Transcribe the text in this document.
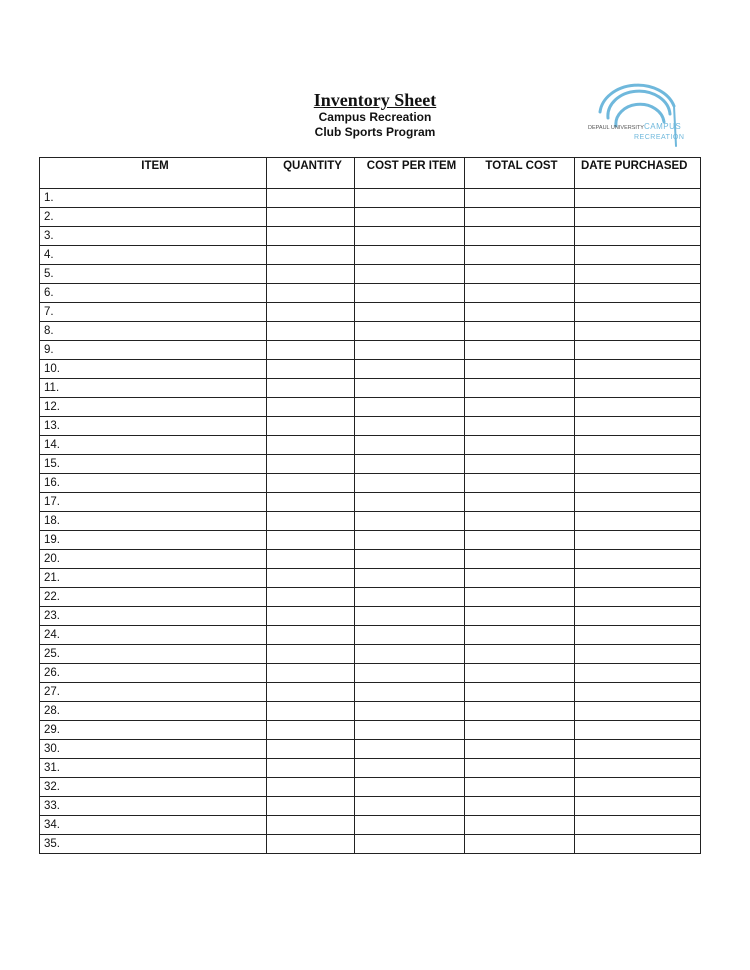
Inventory Sheet
Campus Recreation
Club Sports Program	DEPAUL UNIVERSITY CAMPUS
RECREATION
ITEM	QUANTITY	COST PER ITEM	TOTAL COST	DATE PURCHASED
1.				
2.				
3.				
4.				
5.				
6.				
7.				
8.				
9.				
10.				
11.				
12.				
13.				
14.				
15.				
16.				
17.				
18.				
19.				
20.				
21.				
22.				
23.				
24.				
25.				
26.				
27.				
28.				
29.				
30.				
31.				
32.				
33.				
34.				
35.				
